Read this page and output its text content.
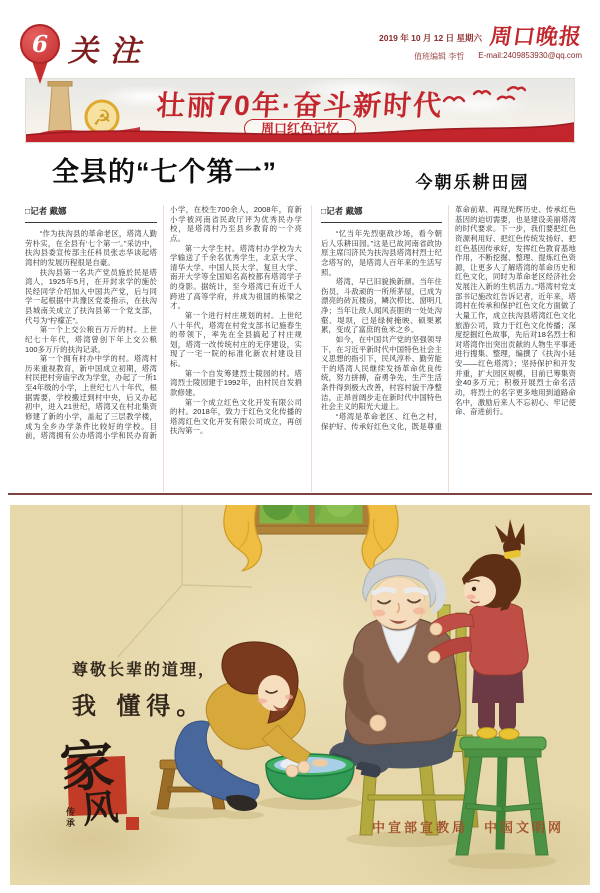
6 关注	2019 年 10 月 12 日 星期六 周口晚报
值班编辑 李哲 E-mail:2409853930@qq.com
☭	壮丽70年·奋斗新时代
周口红色记忆
全县的“七个第一”	今朝乐耕田园
□记者 戴娜

“作为扶沟县的革命老区，塔湾人勤劳朴实，在全县有‘七个第一’。”采访中，扶沟县委宣传部主任科员张志华谈起塔湾村的发展历程很是自豪。

扶沟县第一名共产党员施於民是塔湾人，1925年5月，在开封求学的施於民经同学介绍加入中国共产党，后与同学一起根据中共豫区党委指示，在扶沟县城南关成立了扶沟县第一个党支部，代号为“柠檬芷”。

第一个上交公粮百万斤的村。上世纪七十年代，塔湾曾创下年上交公粮100多万斤的扶沟记录。

第一个拥有村办中学的村。塔湾村历来重视教育，新中国成立初期，塔湾村民把村旁庙宇改为学堂，办起了一所1至4年级的小学，上世纪七八十年代，根据需要，学校搬迁到村中央，后又办起初中，进入21世纪，塔湾又在村北集资修建了新的小学，盖起了三层教学楼，成为全乡办学条件比较好的学校。目前，塔湾拥有公办塔湾小学和民办育新小学，在校生700余人，2008年，育新小学被河南省民政厅评为优秀民办学校，是塔湾村乃至县乡教育的一个亮点。

第一大学生村。塔湾村办学校为大学输送了千余名优秀学生，北京大学、清华大学、中国人民大学、复旦大学、南开大学等全国知名高校都有塔湾学子的身影。据统计，至今塔湾已有近千人跨进了高等学府，并成为祖国的栋梁之才。

第一个进行村庄规划的村。上世纪八十年代，塔湾在村党支部书记施春生的带领下，率先在全县搞起了村庄规划，塔湾一改传统村庄的无序建设，实现了一宅一院的标准化新农村建设目标。

第一个自发筹建烈士陵园的村。塔湾烈士陵园建于1992年，由村民自发捐款修建。

第一个成立红色文化开发有限公司的村。2018年，致力于红色文化传播的塔湾红色文化开发有限公司成立，再创扶沟第一。

□记者 戴娜

“忆当年先烈驱敌沙场，看今朝后人乐耕田园。”这是已故河南省政协原主席闫济民为扶沟县塔湾村烈士纪念塔写的，是塔湾人百年来的生活写照。

塔湾，早已旧貌换新颜。当年住伤员、斗敌顽的一所所茅屋，已成为漂亮的砖瓦楼房，鳞次栉比、窗明几净；当年让敌人闻风丧胆的一处处沟壑、堤坝，已是绿树掩映、硕果累累，变成了富庶的鱼米之乡。

如今，在中国共产党的坚强领导下，在习近平新时代中国特色社会主义思想的指引下，民风淳朴、勤劳能干的塔湾人民继续发扬革命优良传统，努力拼搏，奋勇争先，生产生活条件得到极大改善，村容村貌干净整洁，正昂首阔步走在新时代中国特色社会主义的阳光大道上。

“塔湾是革命老区、红色之村，保护好、传承好红色文化，既是尊重革命前辈、再现光辉历史、传承红色基因的迫切需要，也是建设美丽塔湾的时代要求。下一步，我们要把红色资源利用好、把红色传统发扬好、把红色基因传承好，发挥红色教育基地作用，不断挖掘、整理、提炼红色资源，让更多人了解塔湾的革命历史和红色文化，同时为革命老区经济社会发展注入新的生机活力。”塔湾村党支部书记施改红告诉记者，近年来，塔湾村在传承和保护红色文化方面做了大量工作，成立扶沟县塔湾红色文化旅游公司，致力于红色文化传播；深度挖掘红色故事，先后对18名烈士和对塔湾作出突出贡献的人物生平事迹进行搜集、整理，编撰了《扶沟小延安——红色塔湾》；坚持保护和开发并重，扩大园区规模，目前已筹集资金40多万元；积极开展烈士命名活动，将烈士的名字更多地用到道路命名中，激励后来人不忘初心、牢记使命、奋进前行。

尊敬长辈的道理，
我 懂得。
家
风
传承	中宣部宣教局　中国文明网
